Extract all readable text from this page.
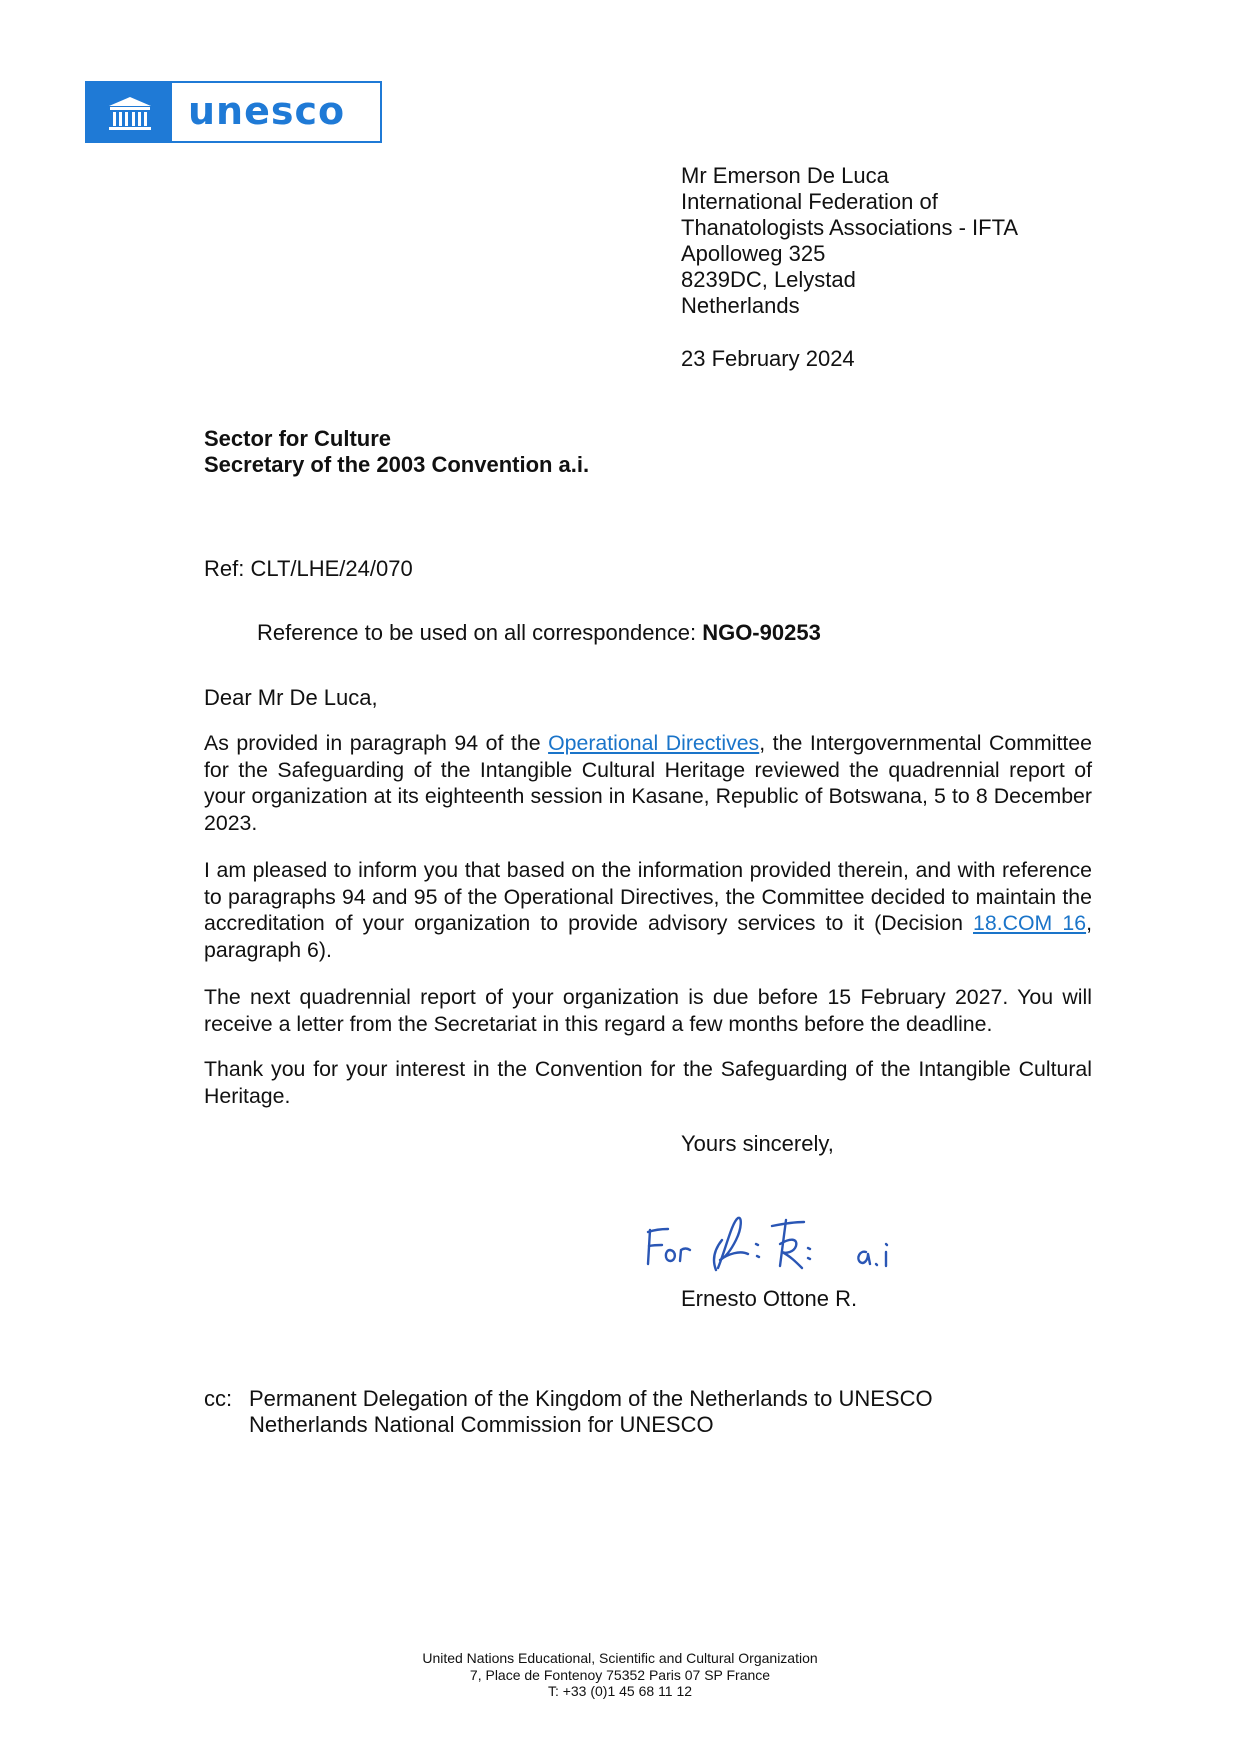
unesco
Mr Emerson De Luca
International Federation of
Thanatologists Associations - IFTA
Apolloweg 325
8239DC, Lelystad
Netherlands
23 February 2024
Sector for Culture
Secretary of the 2003 Convention a.i.
Ref: CLT/LHE/24/070
Reference to be used on all correspondence: NGO-90253
Dear Mr De Luca,
As provided in paragraph 94 of the Operational Directives, the Intergovernmental Committee for the Safeguarding of the Intangible Cultural Heritage reviewed the quadrennial report of your organization at its eighteenth session in Kasane, Republic of Botswana, 5 to 8 December 2023.
I am pleased to inform you that based on the information provided therein, and with reference to paragraphs 94 and 95 of the Operational Directives, the Committee decided to maintain the accreditation of your organization to provide advisory services to it (Decision 18.COM 16, paragraph 6).
The next quadrennial report of your organization is due before 15 February 2027. You will receive a letter from the Secretariat in this regard a few months before the deadline.
Thank you for your interest in the Convention for the Safeguarding of the Intangible Cultural Heritage.
Yours sincerely,
Ernesto Ottone R.
cc: Permanent Delegation of the Kingdom of the Netherlands to UNESCO
Netherlands National Commission for UNESCO
United Nations Educational, Scientific and Cultural Organization
7, Place de Fontenoy 75352 Paris 07 SP France
T: +33 (0)1 45 68 11 12
